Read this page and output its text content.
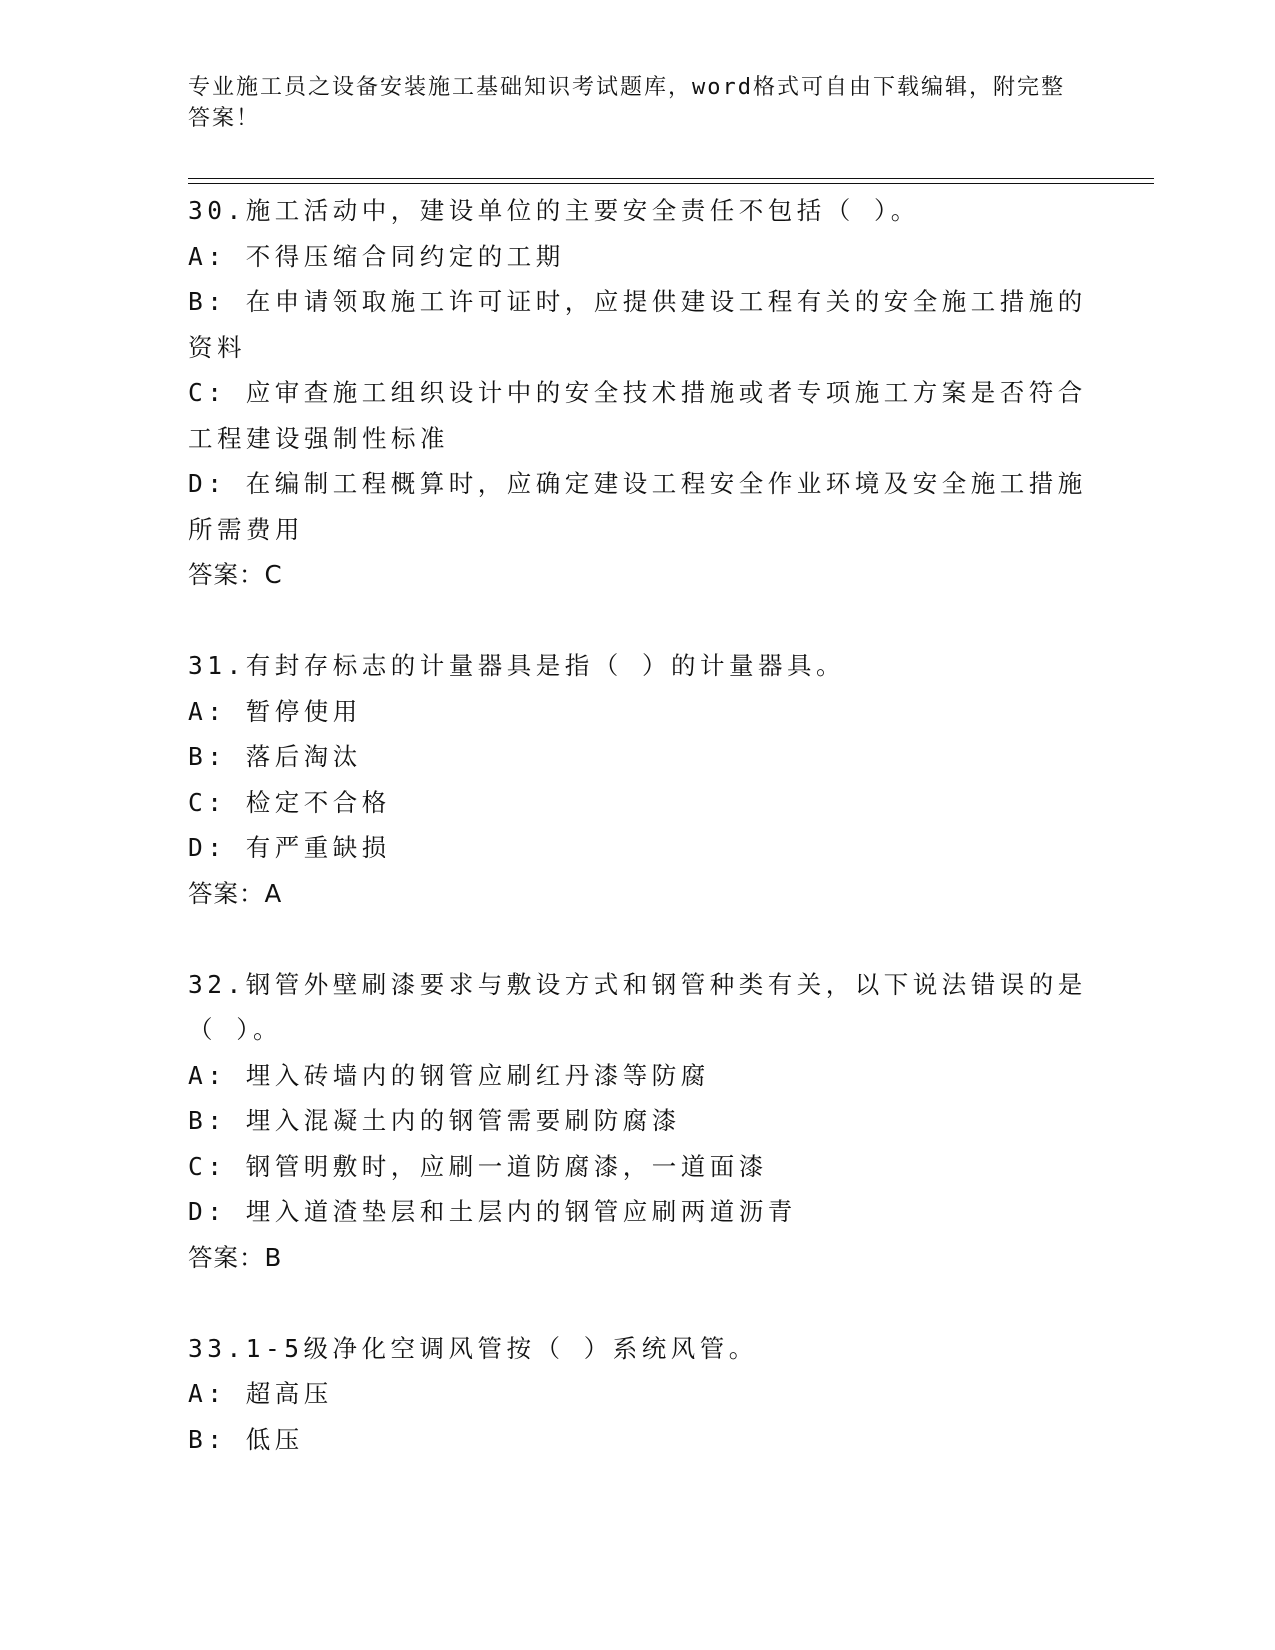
专业施工员之设备安装施工基础知识考试题库，word格式可自由下载编辑，附完整答案！
30.施工活动中，建设单位的主要安全责任不包括（ ）。
A: 不得压缩合同约定的工期
B: 在申请领取施工许可证时，应提供建设工程有关的安全施工措施的资料
C: 应审查施工组织设计中的安全技术措施或者专项施工方案是否符合工程建设强制性标准
D: 在编制工程概算时，应确定建设工程安全作业环境及安全施工措施所需费用
答案：C
31.有封存标志的计量器具是指（ ）的计量器具。
A: 暂停使用
B: 落后淘汰
C: 检定不合格
D: 有严重缺损
答案：A
32.钢管外壁刷漆要求与敷设方式和钢管种类有关，以下说法错误的是（ ）。
A: 埋入砖墙内的钢管应刷红丹漆等防腐
B: 埋入混凝土内的钢管需要刷防腐漆
C: 钢管明敷时，应刷一道防腐漆，一道面漆
D: 埋入道渣垫层和土层内的钢管应刷两道沥青
答案：B
33.1-5级净化空调风管按（ ）系统风管。
A: 超高压
B: 低压
